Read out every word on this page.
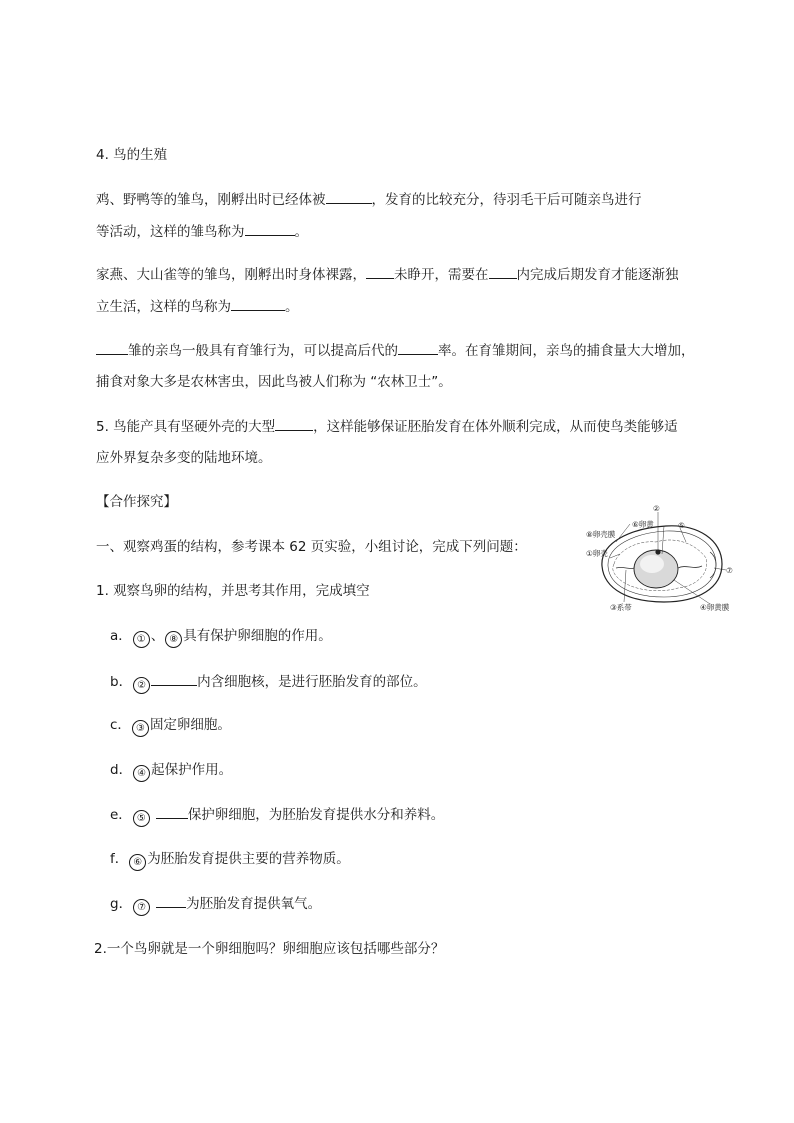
4. 鸟的生殖
鸡、野鸭等的雏鸟，刚孵出时已经体被	，发育的比较充分，待羽毛干后可随亲鸟进行
等活动，这样的雏鸟称为	。
家燕、大山雀等的雏鸟，刚孵出时身体裸露， 未睁开，需要在 内完成后期发育才能逐渐独
立生活，这样的鸟称为	。
雏的亲鸟一般具有育雏行为，可以提高后代的	率。在育雏期间，亲鸟的捕食量大大增加，
捕食对象大多是农林害虫，因此鸟被人们称为 “农林卫士”。
5. 鸟能产具有坚硬外壳的大型	，这样能够保证胚胎发育在体外顺利完成，从而使鸟类能够适
应外界复杂多变的陆地环境。
【合作探究】
一、观察鸡蛋的结构，参考课本 62 页实验，小组讨论，完成下列问题：
1. 观察鸟卵的结构，并思考其作用，完成填空
a． ① 、 ⑧ 具有保护卵细胞的作用。
b． ②	内含细胞核，是进行胚胎发育的部位。
c． ③ 固定卵细胞。
d． ④ 起保护作用。
e． ⑤	保护卵细胞，为胚胎发育提供水分和养料。
f． ⑥ 为胚胎发育提供主要的营养物质。
g． ⑦	为胚胎发育提供氧气。
2.一个鸟卵就是一个卵细胞吗？卵细胞应该包括哪些部分？
②
⑥卵黄
⑧卵壳膜
⑤
①卵壳
⑦
③系带	④卵黄膜
